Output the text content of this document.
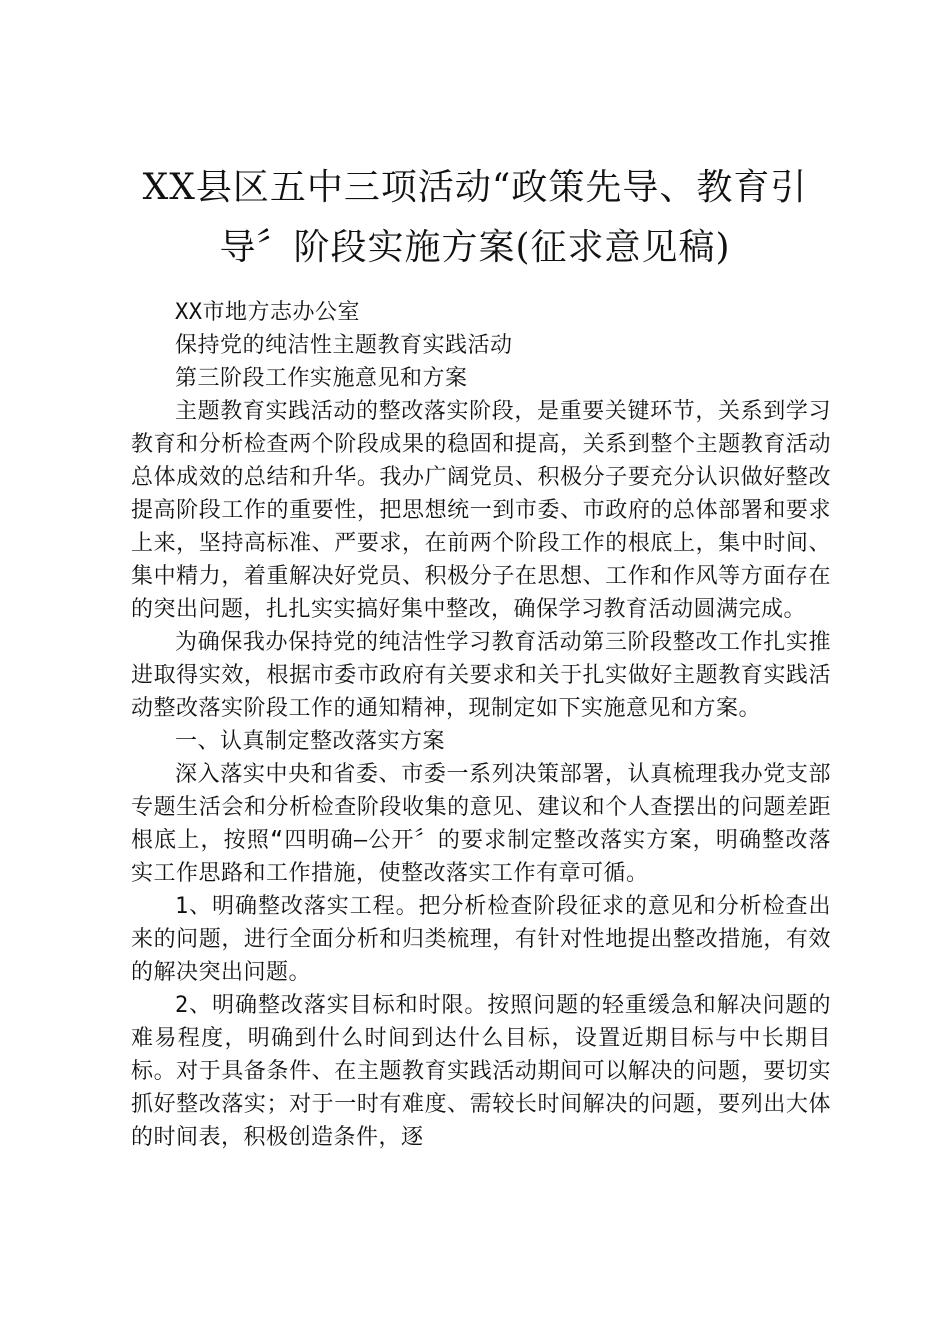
XX县区五中三项活动“政策先导、教育引
导〞阶段实施方案(征求意见稿)

XX市地方志办公室

保持党的纯洁性主题教育实践活动

第三阶段工作实施意见和方案

主题教育实践活动的整改落实阶段，是重要关键环节，关系到学习教育和分析检查两个阶段成果的稳固和提高，关系到整个主题教育活动总体成效的总结和升华。我办广阔党员、积极分子要充分认识做好整改提高阶段工作的重要性，把思想统一到市委、市政府的总体部署和要求上来，坚持高标准、严要求，在前两个阶段工作的根底上，集中时间、集中精力，着重解决好党员、积极分子在思想、工作和作风等方面存在的突出问题，扎扎实实搞好集中整改，确保学习教育活动圆满完成。

为确保我办保持党的纯洁性学习教育活动第三阶段整改工作扎实推进取得实效，根据市委市政府有关要求和关于扎实做好主题教育实践活动整改落实阶段工作的通知精神，现制定如下实施意见和方案。

一、认真制定整改落实方案

深入落实中央和省委、市委一系列决策部署，认真梳理我办党支部专题生活会和分析检查阶段收集的意见、建议和个人查摆出的问题差距根底上，按照“四明确—公开〞的要求制定整改落实方案，明确整改落实工作思路和工作措施，使整改落实工作有章可循。

1、明确整改落实工程。把分析检查阶段征求的意见和分析检查出来的问题，进行全面分析和归类梳理，有针对性地提出整改措施，有效的解决突出问题。

2、明确整改落实目标和时限。按照问题的轻重缓急和解决问题的难易程度，明确到什么时间到达什么目标，设置近期目标与中长期目标。对于具备条件、在主题教育实践活动期间可以解决的问题，要切实抓好整改落实；对于一时有难度、需较长时间解决的问题，要列出大体的时间表，积极创造条件，逐
